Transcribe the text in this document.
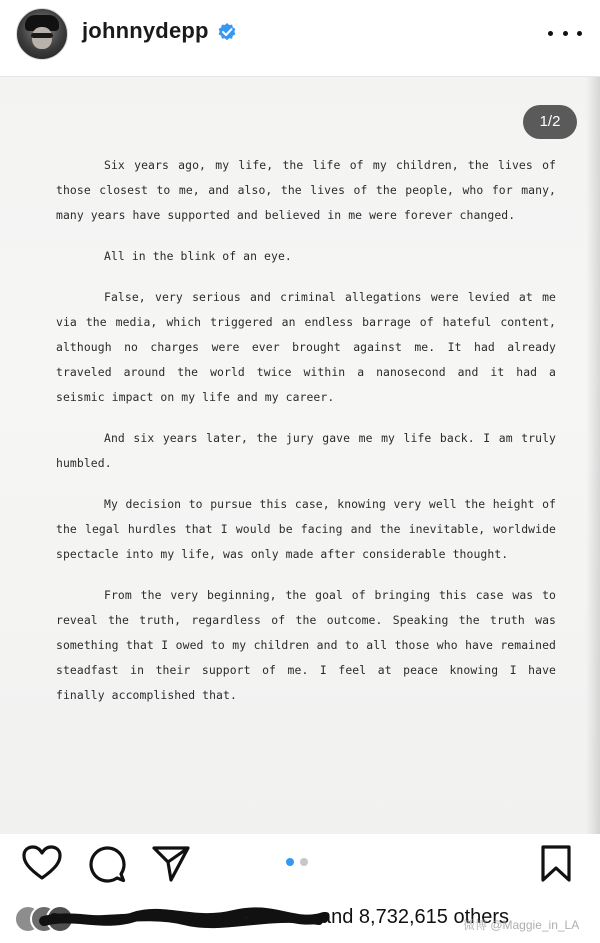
johnnydepp
1/2

Six years ago, my life, the life of my children, the lives of those closest to me, and also, the lives of the people, who for many, many years have supported and believed in me were forever changed.

All in the blink of an eye.

False, very serious and criminal allegations were levied at me via the media, which triggered an endless barrage of hateful content, although no charges were ever brought against me. It had already traveled around the world twice within a nanosecond and it had a seismic impact on my life and my career.

And six years later, the jury gave me my life back. I am truly humbled.

My decision to pursue this case, knowing very well the height of the legal hurdles that I would be facing and the inevitable, worldwide spectacle into my life, was only made after considerable thought.

From the very beginning, the goal of bringing this case was to reveal the truth, regardless of the outcome. Speaking the truth was something that I owed to my children and to all those who have remained steadfast in their support of me. I feel at peace knowing I have finally accomplished that.

and 8,732,615 others
微博 @Maggie_in_LA
